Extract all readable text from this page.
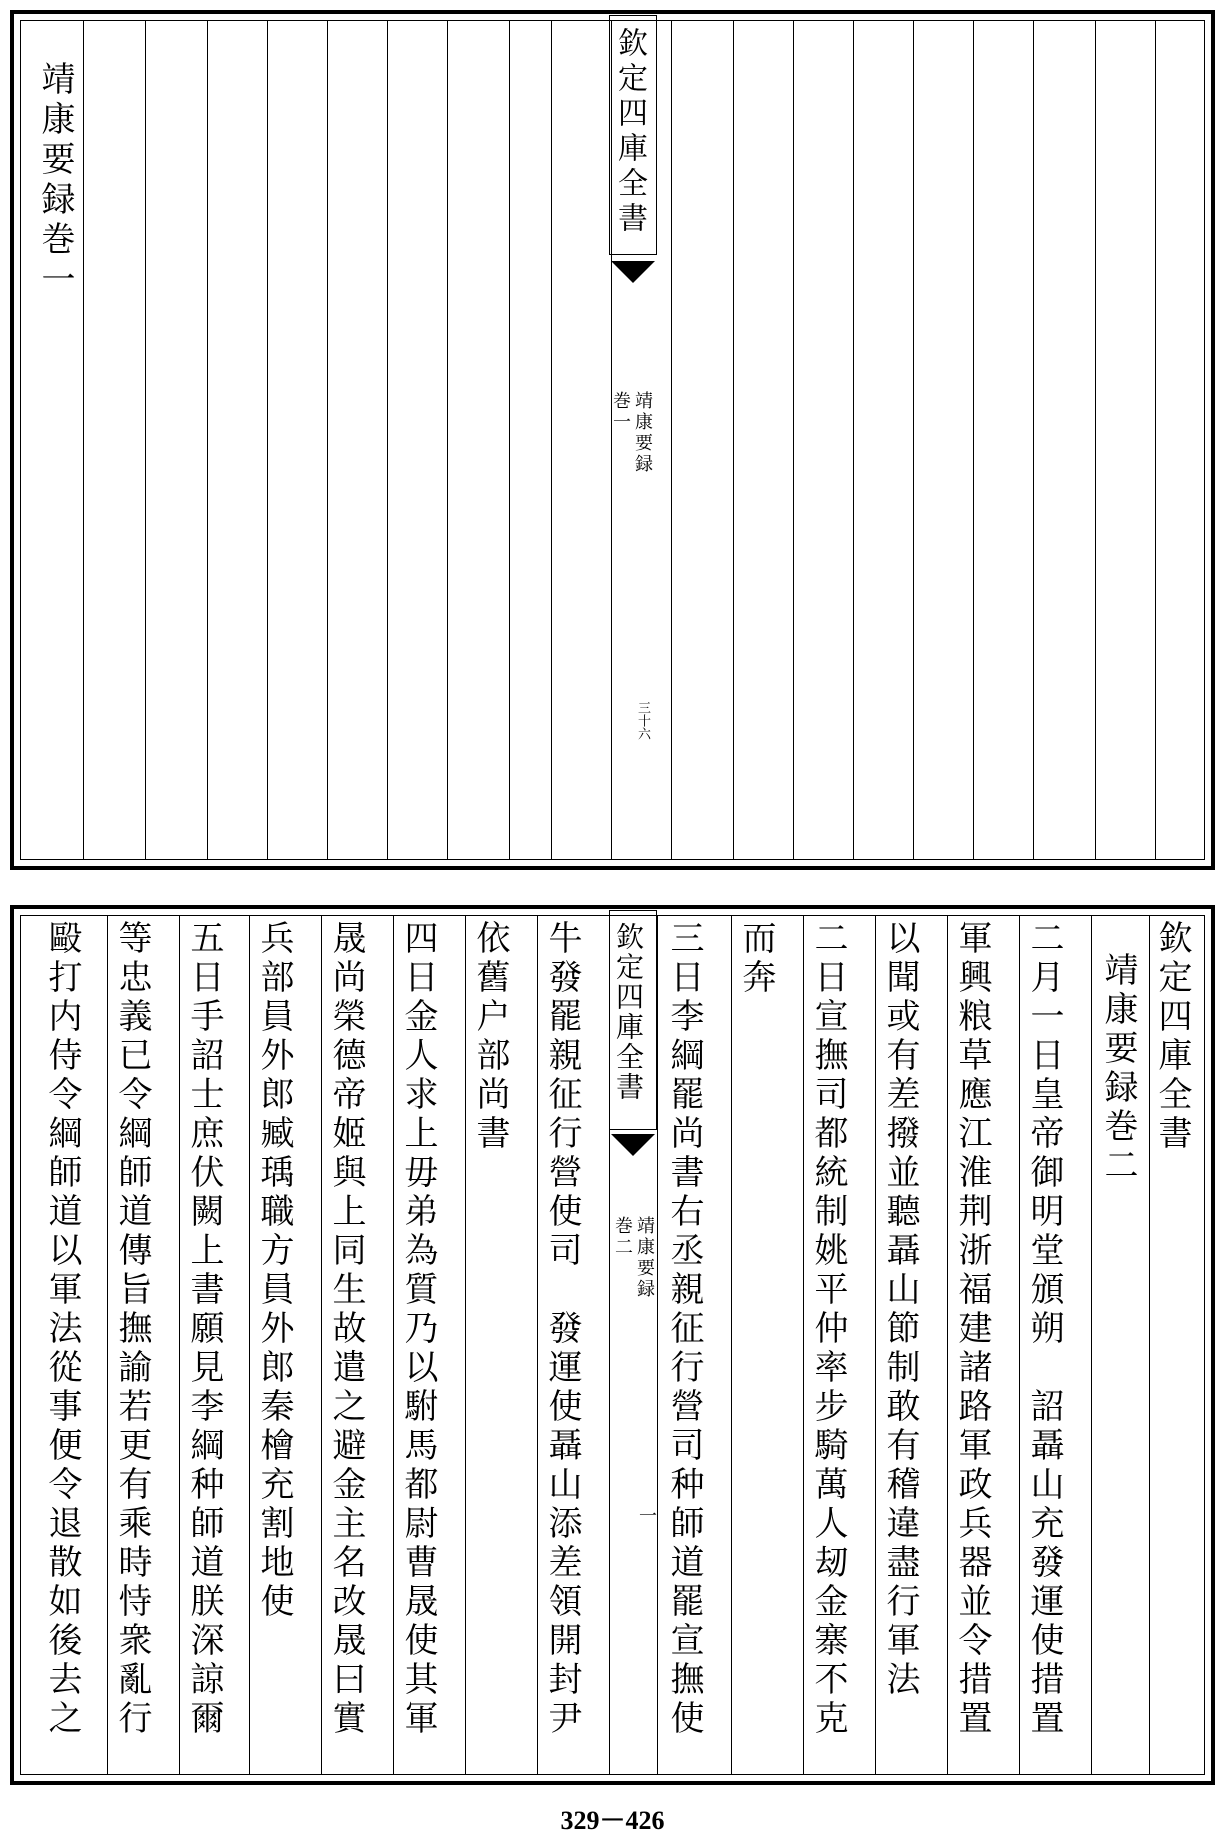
靖康要録巻一	欽定四庫全書
靖康要録
巻一
三十六
欽定四庫全書
靖康要録巻二
二月一日皇帝御明堂頒朔　詔聶山充發運使措置
軍興粮草應江淮荆浙福建諸路軍政兵器並令措置
以聞或有差撥並聽聶山節制敢有稽違盡行軍法
二日宣撫司都統制姚平仲率步騎萬人刼金寨不克
而奔
三日李綱罷尚書右丞親征行營司种師道罷宣撫使
欽定四庫全書
靖康要録
巻二
一
牛發罷親征行營使司　發運使聶山添差領開封尹
依舊户部尚書
四日金人求上毋弟為質乃以駙馬都尉曹晟使其軍
晟尚榮德帝姬與上同生故遣之避金主名改晟曰實
兵部員外郎臧瑀職方員外郎秦檜充割地使
五日手詔士庶伏闕上書願見李綱种師道朕深諒爾
等忠義已令綱師道傳旨撫諭若更有乘時恃衆亂行
毆打内侍令綱師道以軍法從事便令退散如後去之
329－426
